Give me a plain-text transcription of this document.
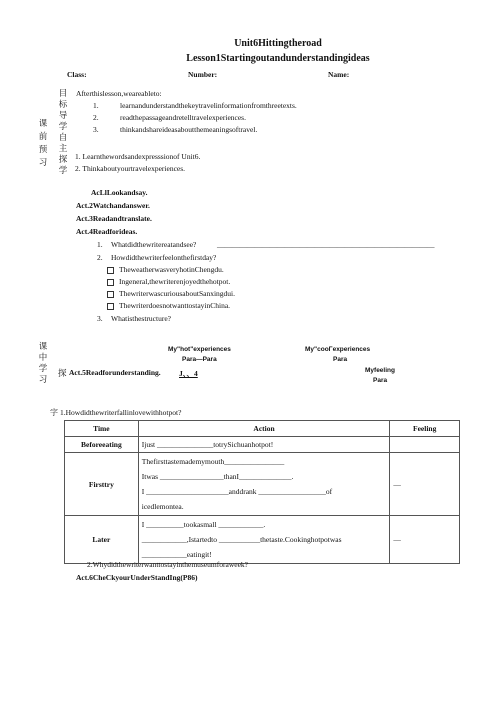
Unit6Hittingtheroad
Lesson1Startingoutandunderstandingideas
Class:	Number:	Name:
课
前
预
习
目
标
导
学
自
主
探
学
Afterthislesson,weareableto:
1.	learnandunderstandthekeytravelinformationfromthreetexts.
2.	readthepassageandretelltravelexperiences.
3.	thinkandshareideasaboutthemeaningsoftravel.
1. Learnthewordsandexpresssionof Unit6.
2. Thinkaboutyourtravelexperiences.
AcLlLookandsay.
Act.2Watchandanswer.
Act.3Readandtranslate.
Act.4Readforideas.
1. Whatdidthewritereatandsee?	__________________________________________________________
2. Howdidthewriterfeelonthefirstday?
TheweatherwasveryhotinChengdu.
Ingeneral,thewriterenjoyedthehotpot.
ThewriterwascuriousaboutSanxingdui.
ThewriterdoesnotwanttostayinChina.
3. Whatisthestructure?
课
中
学
习
My"hot"experiences
Para—Para
My"cooΓexperiences
Para
Myfeeling
Para
探 Act.5Readforunderstanding. J、、4
字 1.Howdidthewriterfallinlovewithhotpot?
Time	Action	Feeling
Beforeeating	Ijust _______________totrySichuanhotpot!	
Firsttry	Thefirsttastemademymouth________________
Itwas _________________thanI______________.
I ______________________anddrank __________________of
icedlemontea.	—
Later	I __________tookasmall ____________.
____________,Istartedto ___________thetaste.Cookinghotpotwas
____________eatingit!	—
2.Whydidthewriterwanttostayinthemuseumforaweek?
Act.6CheCkyourUnderStandIng(P86)
